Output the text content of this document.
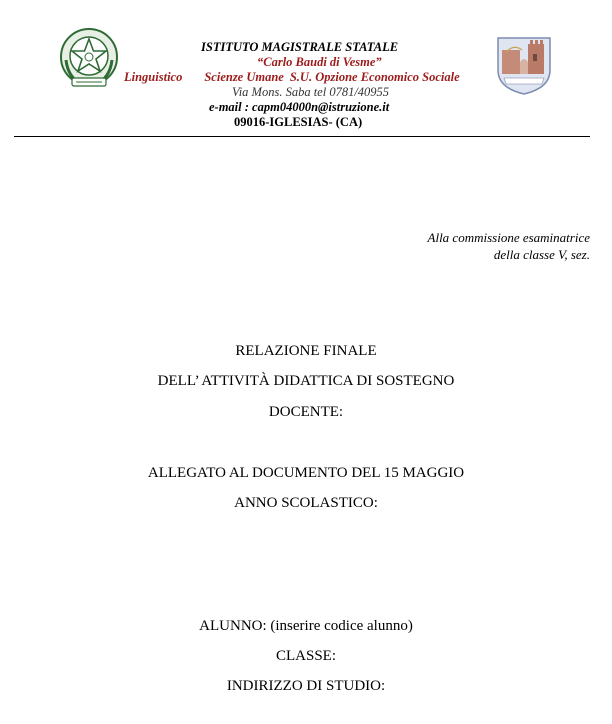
ISTITUTO MAGISTRALE STATALE
“Carlo Baudi di Vesme”
Linguistico Scienze Umane S.U. Opzione Economico Sociale
Via Mons. Saba tel 0781/40955
e-mail : capm04000n@istruzione.it
09016-IGLESIAS- (CA)
Alla commissione esaminatrice
della classe V, sez.
RELAZIONE FINALE
DELL’ ATTIVITÀ DIDATTICA DI SOSTEGNO
DOCENTE:
ALLEGATO AL DOCUMENTO DEL 15 MAGGIO
ANNO SCOLASTICO:
ALUNNO: (inserire codice alunno)
CLASSE:
INDIRIZZO DI STUDIO:
